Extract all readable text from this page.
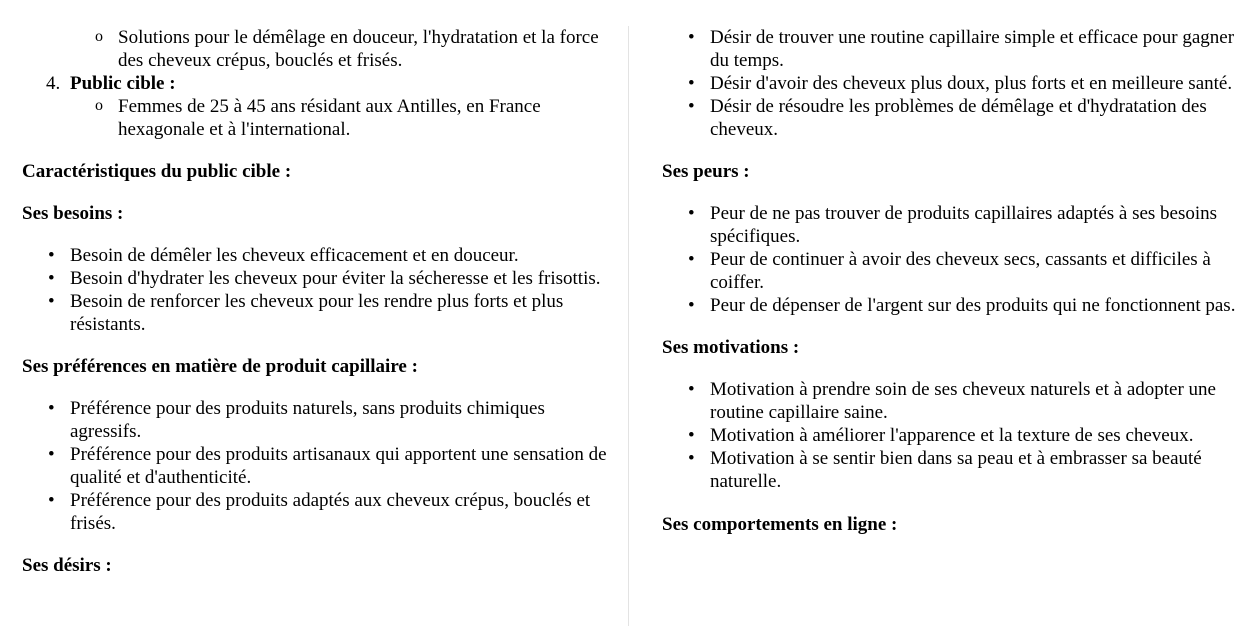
o Solutions pour le démêlage en douceur, l'hydratation et la force des cheveux crépus, bouclés et frisés.
4. Public cible :
o Femmes de 25 à 45 ans résidant aux Antilles, en France hexagonale et à l'international.

Caractéristiques du public cible :

Ses besoins :

• Besoin de démêler les cheveux efficacement et en douceur.
• Besoin d'hydrater les cheveux pour éviter la sécheresse et les frisottis.
• Besoin de renforcer les cheveux pour les rendre plus forts et plus résistants.

Ses préférences en matière de produit capillaire :

• Préférence pour des produits naturels, sans produits chimiques agressifs.
• Préférence pour des produits artisanaux qui apportent une sensation de qualité et d'authenticité.
• Préférence pour des produits adaptés aux cheveux crépus, bouclés et frisés.

Ses désirs :

• Désir de trouver une routine capillaire simple et efficace pour gagner du temps.
• Désir d'avoir des cheveux plus doux, plus forts et en meilleure santé.
• Désir de résoudre les problèmes de démêlage et d'hydratation des cheveux.

Ses peurs :

• Peur de ne pas trouver de produits capillaires adaptés à ses besoins spécifiques.
• Peur de continuer à avoir des cheveux secs, cassants et difficiles à coiffer.
• Peur de dépenser de l'argent sur des produits qui ne fonctionnent pas.

Ses motivations :

• Motivation à prendre soin de ses cheveux naturels et à adopter une routine capillaire saine.
• Motivation à améliorer l'apparence et la texture de ses cheveux.
• Motivation à se sentir bien dans sa peau et à embrasser sa beauté naturelle.

Ses comportements en ligne :
